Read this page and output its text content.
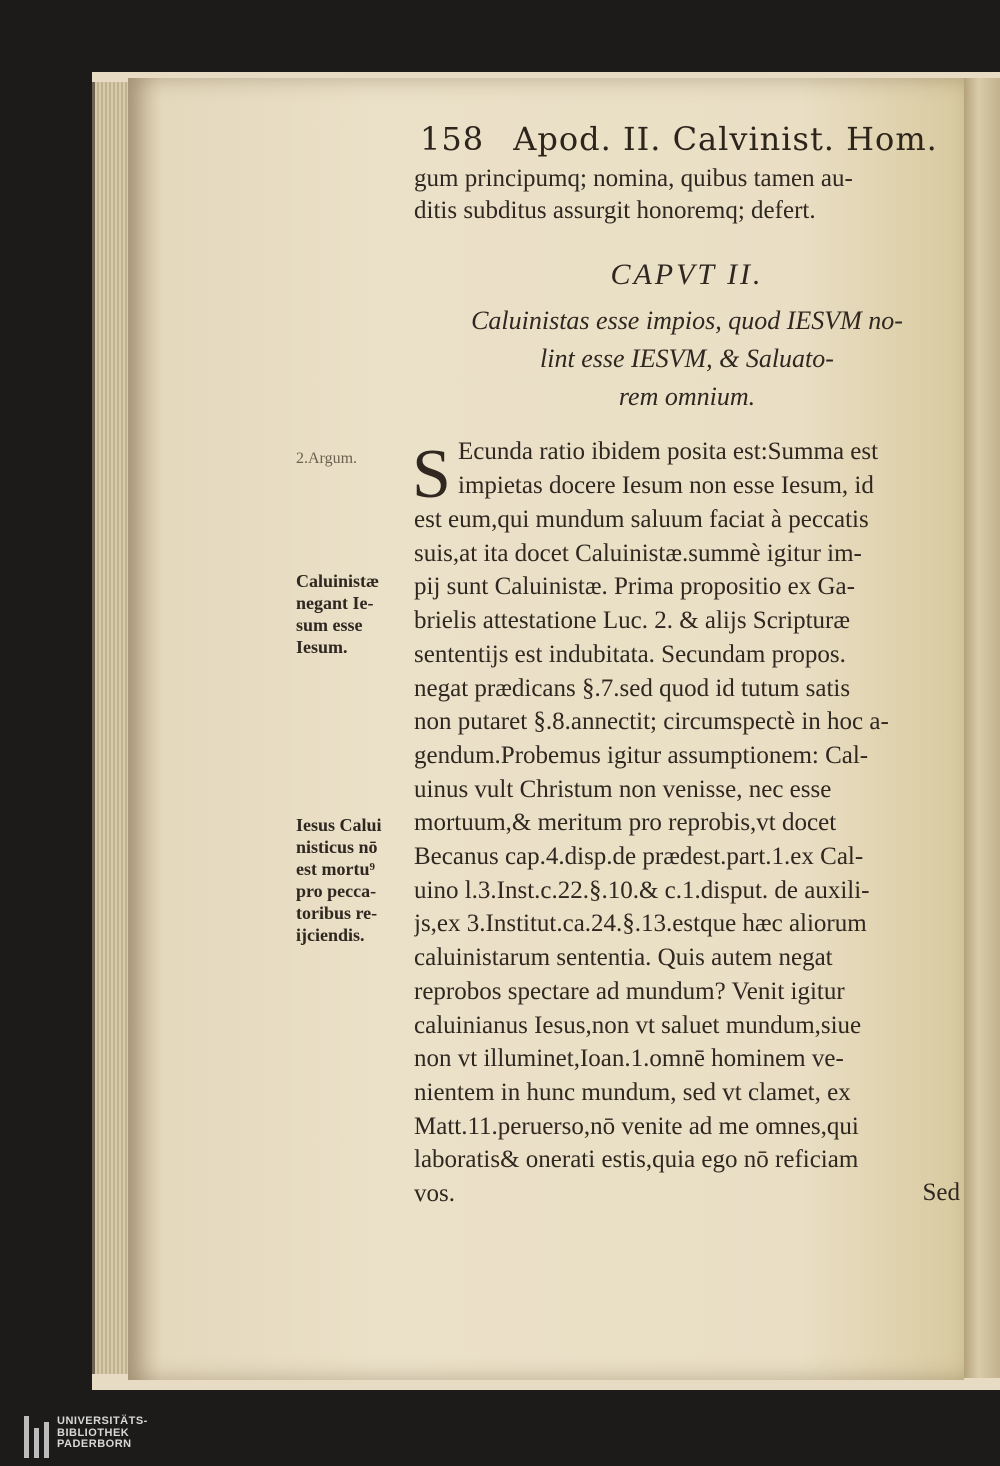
158 Apod. II. Calvinist. Hom.
gum principumq; nomina, quibus tamen au-
ditis subditus assurgit honoremq; defert.
CAPVT II.
Caluinistas esse impios, quod IESVM no-
lint esse IESVM, & Saluato-
rem omnium.
S Ecunda ratio ibidem posita est:Summa est
impietas docere Iesum non esse Iesum, id
est eum,qui mundum saluum faciat à peccatis
suis,at ita docet Caluinistæ.summè igitur im-
pij sunt Caluinistæ. Prima propositio ex Ga-
brielis attestatione Luc. 2. & alijs Scripturæ
sententijs est indubitata. Secundam propos.
negat prædicans §.7.sed quod id tutum satis
non putaret §.8.annectit; circumspectè in hoc a-
gendum.Probemus igitur assumptionem: Cal-
uinus vult Christum non venisse, nec esse
mortuum,& meritum pro reprobis,vt docet
Becanus cap.4.disp.de prædest.part.1.ex Cal-
uino l.3.Inst.c.22.§.10.& c.1.disput. de auxili-
js,ex 3.Institut.ca.24.§.13.estque hæc aliorum
caluinistarum sententia. Quis autem negat
reprobos spectare ad mundum? Venit igitur
caluinianus Iesus,non vt saluet mundum,siue
non vt illuminet,Ioan.1.omnē hominem ve-
nientem in hunc mundum, sed vt clamet, ex
Matt.11.peruerso,nō venite ad me omnes,qui
laboratis& onerati estis,quia ego nō reficiam
vos.	Sed
2.Argum.
Caluinistæ
negant Ie-
sum esse
Iesum.
Iesus Calui
nisticus nō
est mortu⁹
pro pecca-
toribus re-
ijciendis.
UNIVERSITÄTS-
BIBLIOTHEK
PADERBORN
